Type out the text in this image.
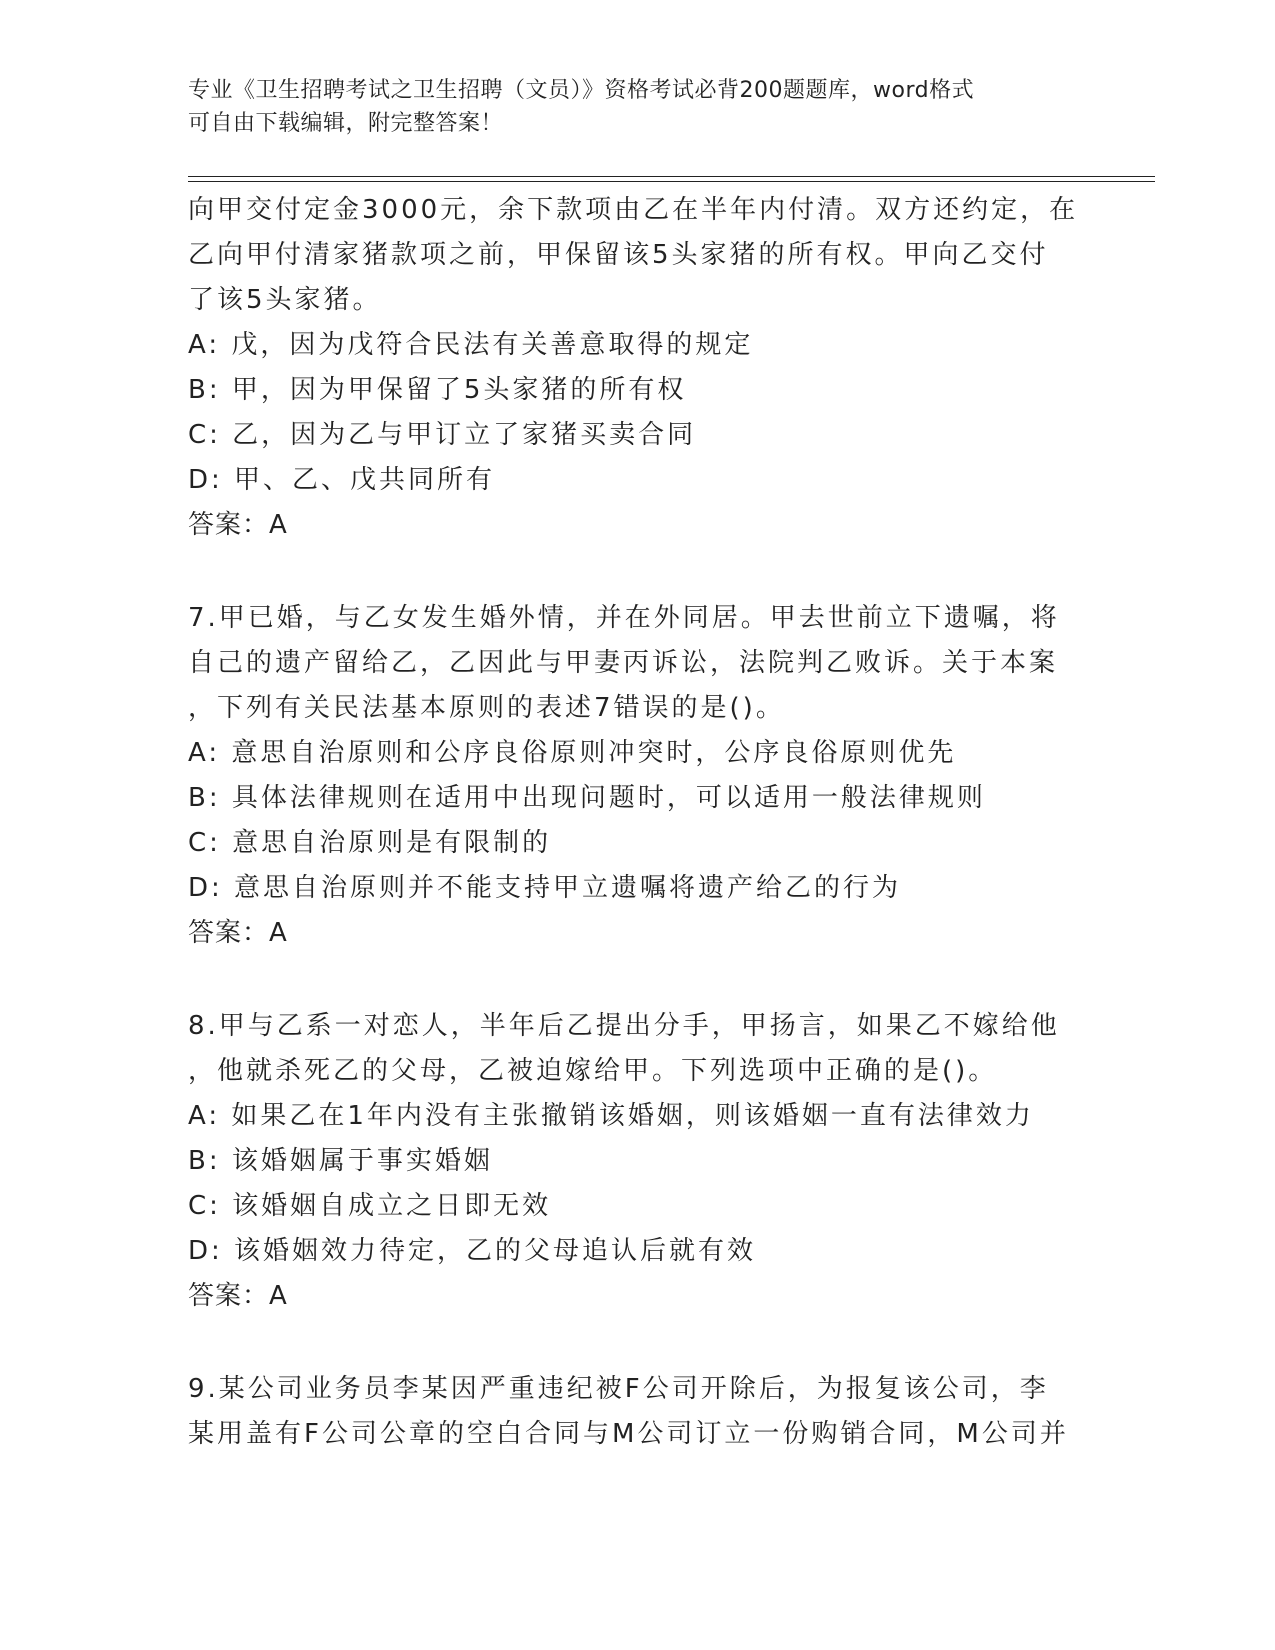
专业《卫生招聘考试之卫生招聘（文员）》资格考试必背200题题库，word格式
可自由下载编辑，附完整答案！
向甲交付定金3000元，余下款项由乙在半年内付清。双方还约定，在
乙向甲付清家猪款项之前，甲保留该5头家猪的所有权。甲向乙交付
了该5头家猪。
A: 戊，因为戊符合民法有关善意取得的规定
B: 甲，因为甲保留了5头家猪的所有权
C: 乙，因为乙与甲订立了家猪买卖合同
D: 甲、乙、戊共同所有
答案：A
7.甲已婚，与乙女发生婚外情，并在外同居。甲去世前立下遗嘱，将
自己的遗产留给乙，乙因此与甲妻丙诉讼，法院判乙败诉。关于本案
，下列有关民法基本原则的表述7错误的是()。
A: 意思自治原则和公序良俗原则冲突时，公序良俗原则优先
B: 具体法律规则在适用中出现问题时，可以适用一般法律规则
C: 意思自治原则是有限制的
D: 意思自治原则并不能支持甲立遗嘱将遗产给乙的行为
答案：A
8.甲与乙系一对恋人，半年后乙提出分手，甲扬言，如果乙不嫁给他
，他就杀死乙的父母，乙被迫嫁给甲。下列选项中正确的是()。
A: 如果乙在1年内没有主张撤销该婚姻，则该婚姻一直有法律效力
B: 该婚姻属于事实婚姻
C: 该婚姻自成立之日即无效
D: 该婚姻效力待定，乙的父母追认后就有效
答案：A
9.某公司业务员李某因严重违纪被F公司开除后，为报复该公司，李
某用盖有F公司公章的空白合同与M公司订立一份购销合同，M公司并
